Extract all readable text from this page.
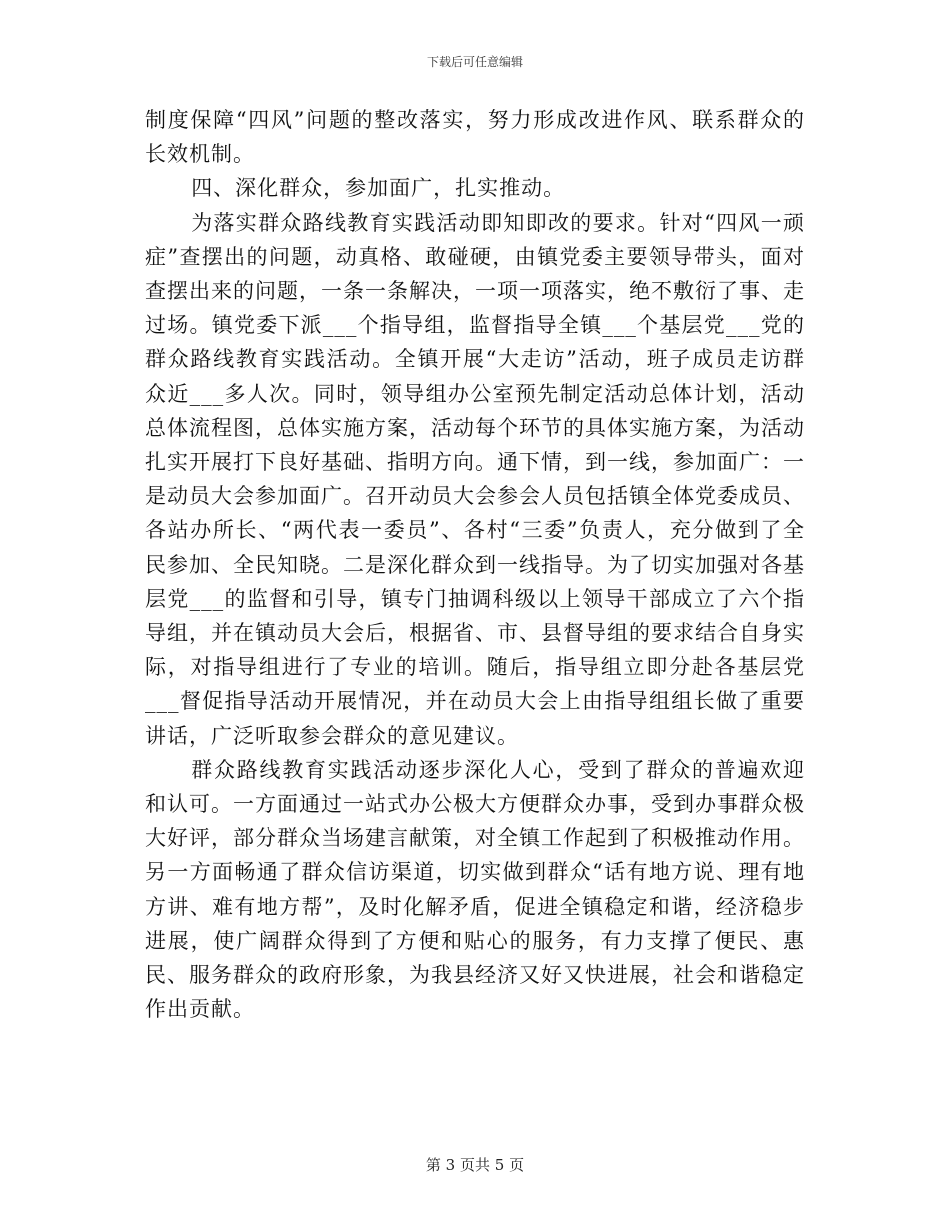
下载后可任意编辑

制度保障“四风”问题的整改落实，努力形成改进作风、联系群众的长效机制。

四、深化群众，参加面广，扎实推动。

为落实群众路线教育实践活动即知即改的要求。针对“四风一顽症”查摆出的问题，动真格、敢碰硬，由镇党委主要领导带头，面对查摆出来的问题，一条一条解决，一项一项落实，绝不敷衍了事、走过场。镇党委下派___个指导组，监督指导全镇___个基层党___党的群众路线教育实践活动。全镇开展“大走访”活动，班子成员走访群众近___多人次。同时，领导组办公室预先制定活动总体计划，活动总体流程图，总体实施方案，活动每个环节的具体实施方案，为活动扎实开展打下良好基础、指明方向。通下情，到一线，参加面广：一是动员大会参加面广。召开动员大会参会人员包括镇全体党委成员、各站办所长、“两代表一委员”、各村“三委”负责人，充分做到了全民参加、全民知晓。二是深化群众到一线指导。为了切实加强对各基层党___的监督和引导，镇专门抽调科级以上领导干部成立了六个指导组，并在镇动员大会后，根据省、市、县督导组的要求结合自身实际，对指导组进行了专业的培训。随后，指导组立即分赴各基层党___督促指导活动开展情况，并在动员大会上由指导组组长做了重要讲话，广泛听取参会群众的意见建议。

群众路线教育实践活动逐步深化人心，受到了群众的普遍欢迎和认可。一方面通过一站式办公极大方便群众办事，受到办事群众极大好评，部分群众当场建言献策，对全镇工作起到了积极推动作用。另一方面畅通了群众信访渠道，切实做到群众“话有地方说、理有地方讲、难有地方帮”，及时化解矛盾，促进全镇稳定和谐，经济稳步进展，使广阔群众得到了方便和贴心的服务，有力支撑了便民、惠民、服务群众的政府形象，为我县经济又好又快进展，社会和谐稳定作出贡献。

第 3 页共 5 页
